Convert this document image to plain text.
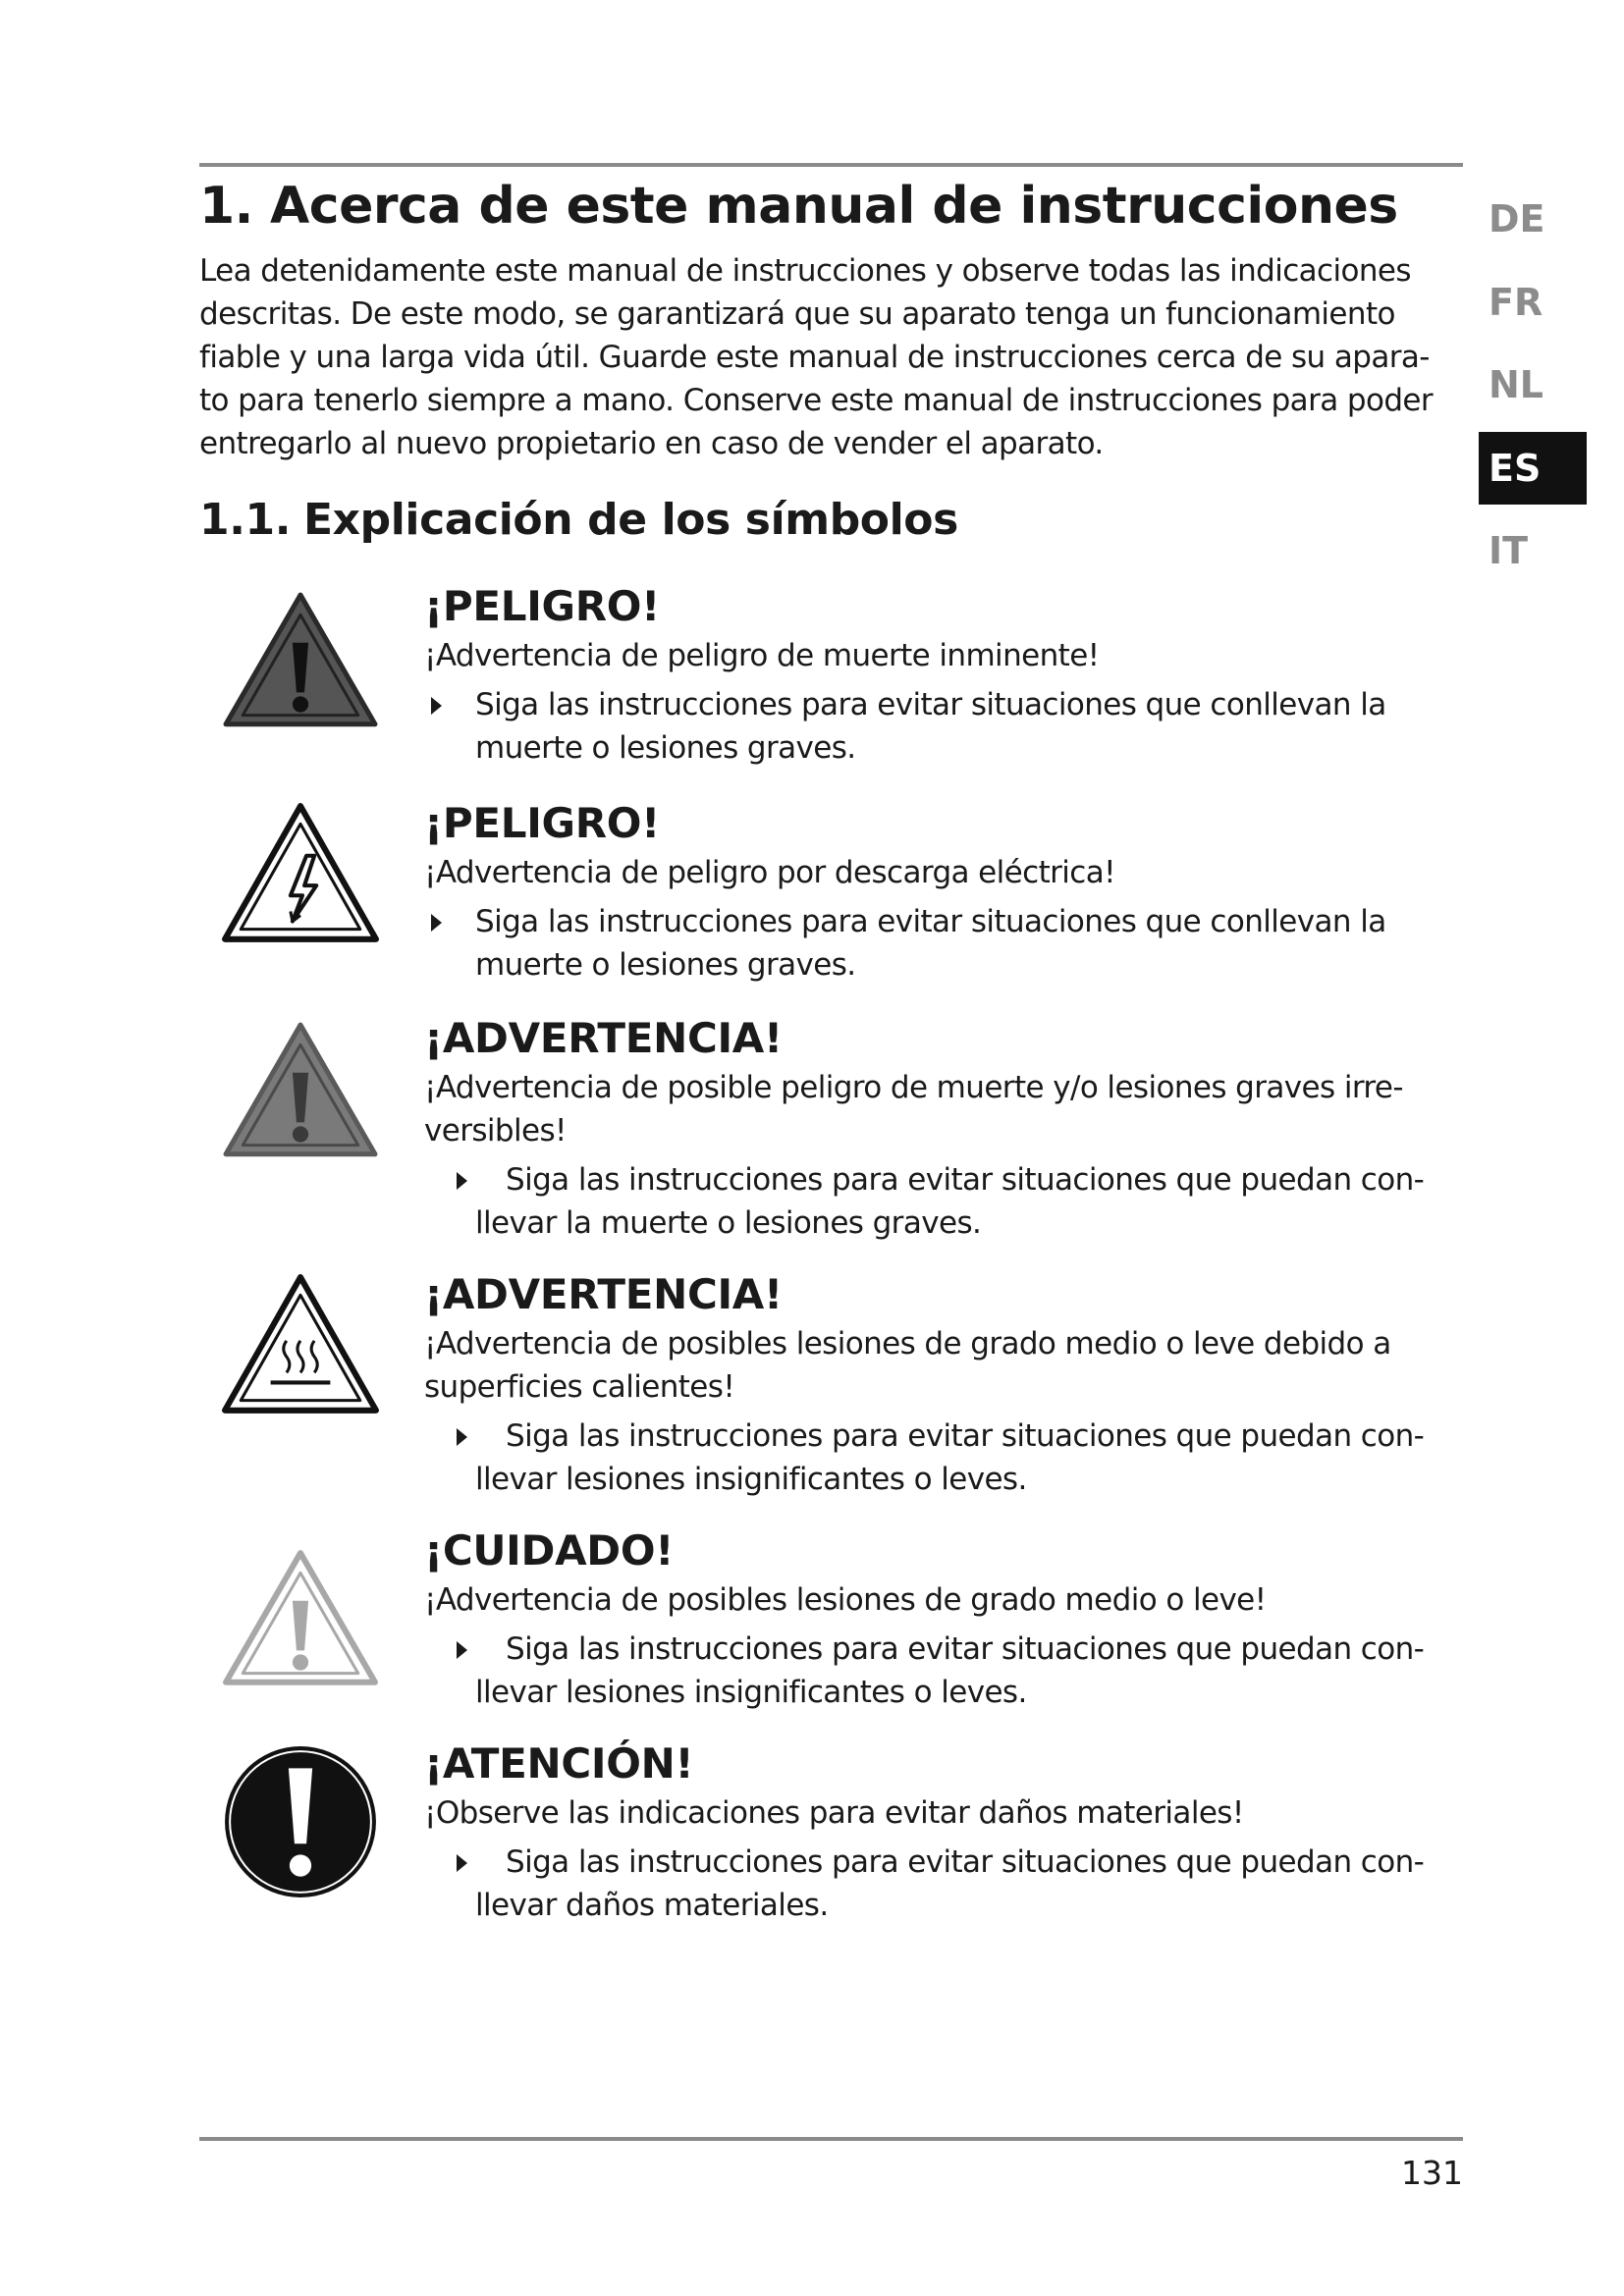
1. Acerca de este manual de instrucciones

Lea detenidamente este manual de instrucciones y observe todas las indicaciones
descritas. De este modo, se garantizará que su aparato tenga un funcionamiento
fiable y una larga vida útil. Guarde este manual de instrucciones cerca de su apara-
to para tenerlo siempre a mano. Conserve este manual de instrucciones para poder
entregarlo al nuevo propietario en caso de vender el aparato.

1.1. Explicación de los símbolos
DE
FR
NL
ES
IT
¡PELIGRO!
¡Advertencia de peligro de muerte inminente!
Siga las instrucciones para evitar situaciones que conllevan la
muerte o lesiones graves.
¡PELIGRO!
¡Advertencia de peligro por descarga eléctrica!
Siga las instrucciones para evitar situaciones que conllevan la
muerte o lesiones graves.
¡ADVERTENCIA!
¡Advertencia de posible peligro de muerte y/o lesiones graves irre-
versibles!
Siga las instrucciones para evitar situaciones que puedan con-
llevar la muerte o lesiones graves.
¡ADVERTENCIA!
¡Advertencia de posibles lesiones de grado medio o leve debido a
superficies calientes!
Siga las instrucciones para evitar situaciones que puedan con-
llevar lesiones insignificantes o leves.
¡CUIDADO!
¡Advertencia de posibles lesiones de grado medio o leve!
Siga las instrucciones para evitar situaciones que puedan con-
llevar lesiones insignificantes o leves.
¡ATENCIÓN!
¡Observe las indicaciones para evitar daños materiales!
Siga las instrucciones para evitar situaciones que puedan con-
llevar daños materiales.
131
